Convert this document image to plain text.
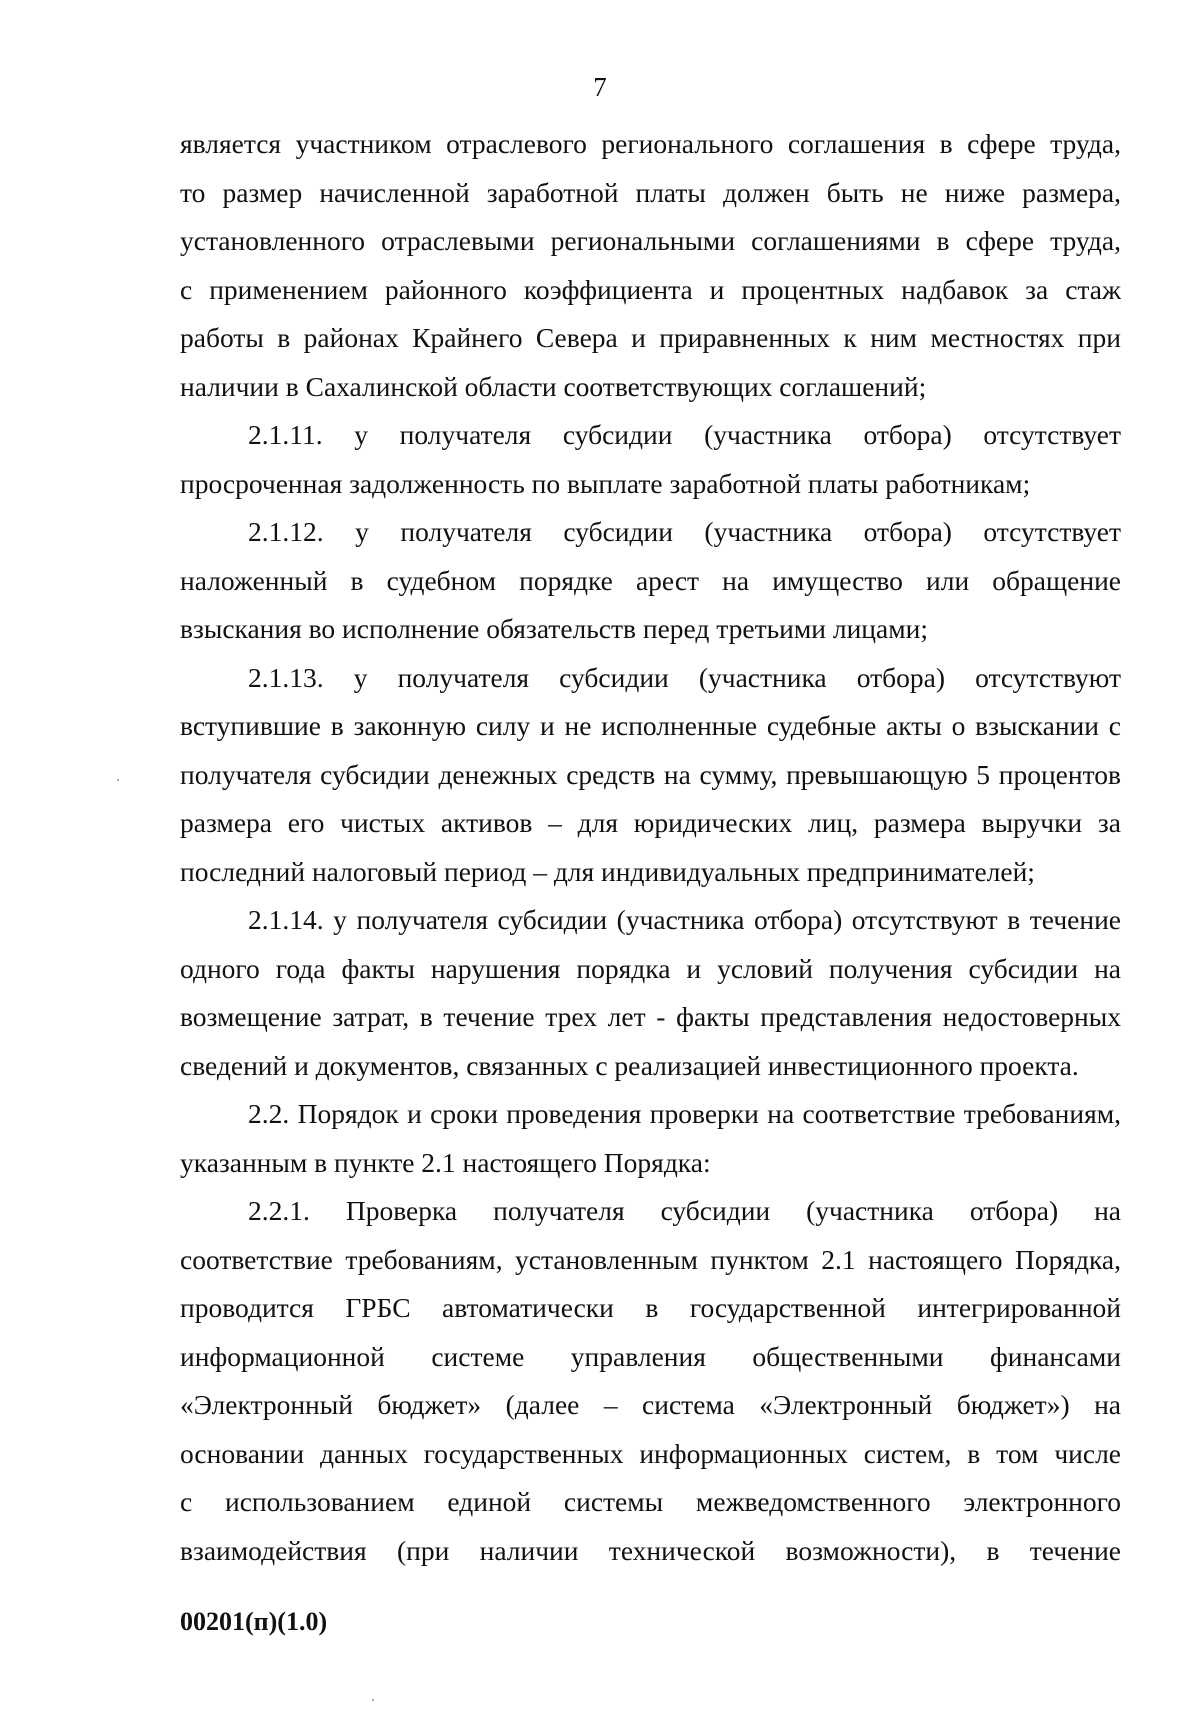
7

является участником отраслевого регионального соглашения в сфере труда,
то размер начисленной заработной платы должен быть не ниже размера,
установленного отраслевыми региональными соглашениями в сфере труда,
с применением районного коэффициента и процентных надбавок за стаж
работы в районах Крайнего Севера и приравненных к ним местностях при
наличии в Сахалинской области соответствующих соглашений;

2.1.11. у получателя субсидии (участника отбора) отсутствует
просроченная задолженность по выплате заработной платы работникам;

2.1.12. у получателя субсидии (участника отбора) отсутствует
наложенный в судебном порядке арест на имущество или обращение
взыскания во исполнение обязательств перед третьими лицами;

2.1.13. у получателя субсидии (участника отбора) отсутствуют
вступившие в законную силу и не исполненные судебные акты о взыскании с
получателя субсидии денежных средств на сумму, превышающую 5 процентов
размера его чистых активов – для юридических лиц, размера выручки за
последний налоговый период – для индивидуальных предпринимателей;

2.1.14. у получателя субсидии (участника отбора) отсутствуют в течение
одного года факты нарушения порядка и условий получения субсидии на
возмещение затрат, в течение трех лет - факты представления недостоверных
сведений и документов, связанных с реализацией инвестиционного проекта.

2.2. Порядок и сроки проведения проверки на соответствие требованиям,
указанным в пункте 2.1 настоящего Порядка:

2.2.1. Проверка получателя субсидии (участника отбора) на
соответствие требованиям, установленным пунктом 2.1 настоящего Порядка,
проводится ГРБС автоматически в государственной интегрированной
информационной системе управления общественными финансами
«Электронный бюджет» (далее – система «Электронный бюджет») на
основании данных государственных информационных систем, в том числе
с использованием единой системы межведомственного электронного
взаимодействия (при наличии технической возможности), в течение

00201(п)(1.0)
·
·
